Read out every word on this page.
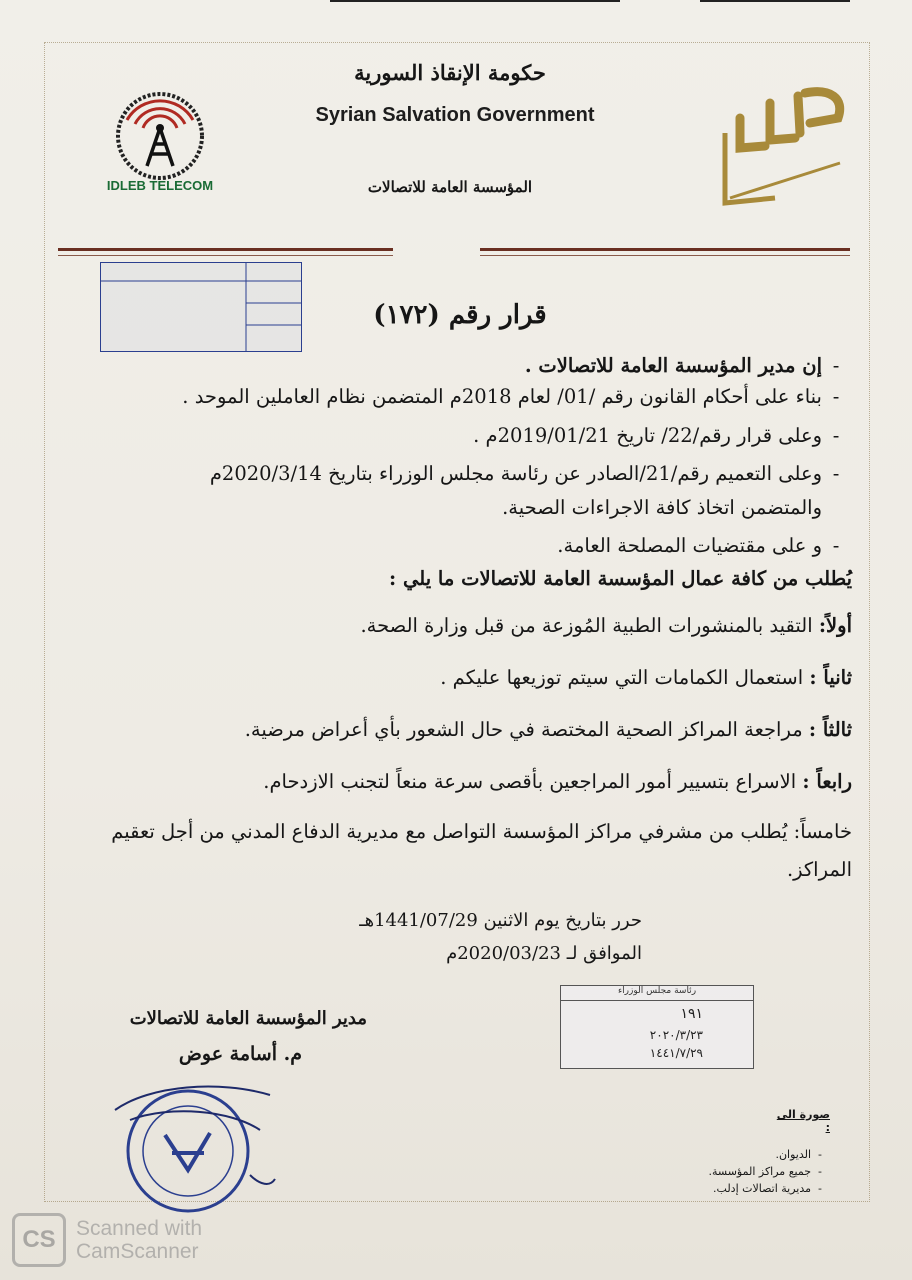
IDLEB TELECOM
حكومة الإنقاذ السورية
Syrian Salvation Government
المؤسسة العامة للاتصالات
قرار رقم (١٧٢)
-إن مدير المؤسسة العامة للاتصالات .
-بناء على أحكام القانون رقم /01/ لعام 2018م المتضمن نظام العاملين الموحد .
-وعلى قرار رقم/22/ تاريخ 2019/01/21م .
-وعلى التعميم رقم/21/الصادر عن رئاسة مجلس الوزراء بتاريخ 2020/3/14م
والمتضمن اتخاذ كافة الاجراءات الصحية.
-و على مقتضيات المصلحة العامة.
يُطلب من كافة عمال المؤسسة العامة للاتصالات ما يلي :
أولاً: التقيد بالمنشورات الطبية المُوزعة من قبل وزارة الصحة.
ثانياً : استعمال الكمامات التي سيتم توزيعها عليكم .
ثالثاً : مراجعة المراكز الصحية المختصة في حال الشعور بأي أعراض مرضية.
رابعاً : الاسراع بتسيير أمور المراجعين بأقصى سرعة منعاً لتجنب الازدحام.
خامساً: يُطلب من مشرفي مراكز المؤسسة التواصل مع مديرية الدفاع المدني من أجل تعقيم
المراكز.
حرر بتاريخ يوم الاثنين 1441/07/29هـ
الموافق لـ 2020/03/23م
رئاسة مجلس الوزراء
١٩١
٢٠٢٠/٣/٢٣
١٤٤١/٧/٢٩
مدير المؤسسة العامة للاتصالات
م. أسامة عوض
صورة الى :
-  الديوان.
-  جميع مراكز المؤسسة.
-  مديرية اتصالات إدلب.
CS Scanned with
CamScanner
